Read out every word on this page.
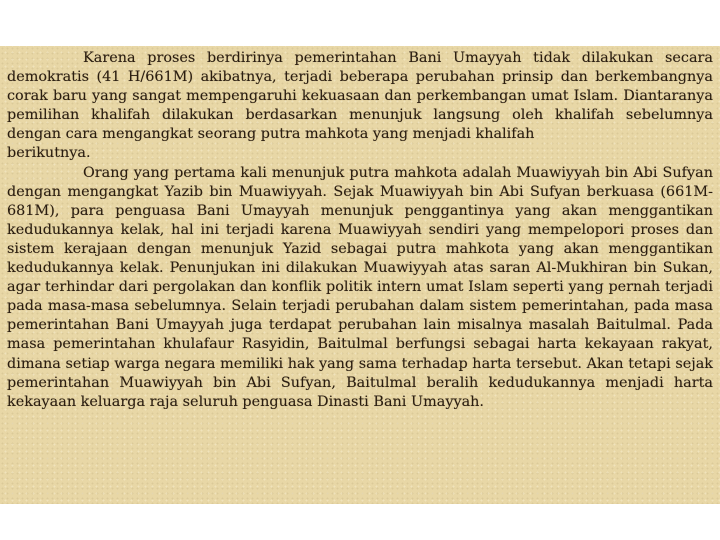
Karena proses berdirinya pemerintahan Bani Umayyah tidak dilakukan secara demokratis (41 H/661M) akibatnya, terjadi beberapa perubahan prinsip dan berkembangnya corak baru yang sangat mempengaruhi kekuasaan dan perkembangan umat Islam. Diantaranya pemilihan khalifah dilakukan berdasarkan menunjuk langsung oleh khalifah sebelumnya dengan cara mengangkat seorang putra mahkota yang menjadi khalifah

berikutnya.

Orang yang pertama kali menunjuk putra mahkota adalah Muawiyyah bin Abi Sufyan dengan mengangkat Yazib bin Muawiyyah. Sejak Muawiyyah bin Abi Sufyan berkuasa (661M-681M), para penguasa Bani Umayyah menunjuk penggantinya yang akan menggantikan kedudukannya kelak, hal ini terjadi karena Muawiyyah sendiri yang mempelopori proses dan sistem kerajaan dengan menunjuk Yazid sebagai putra mahkota yang akan menggantikan kedudukannya kelak. Penunjukan ini dilakukan Muawiyyah atas saran Al-Mukhiran bin Sukan, agar terhindar dari pergolakan dan konflik politik intern umat Islam seperti yang pernah terjadi pada masa-masa sebelumnya. Selain terjadi perubahan dalam sistem pemerintahan, pada masa pemerintahan Bani Umayyah juga terdapat perubahan lain misalnya masalah Baitulmal. Pada masa pemerintahan khulafaur Rasyidin, Baitulmal berfungsi sebagai harta kekayaan rakyat, dimana setiap warga negara memiliki hak yang sama terhadap harta tersebut. Akan tetapi sejak pemerintahan Muawiyyah bin Abi Sufyan, Baitulmal beralih kedudukannya menjadi harta kekayaan keluarga raja seluruh penguasa Dinasti Bani Umayyah.
